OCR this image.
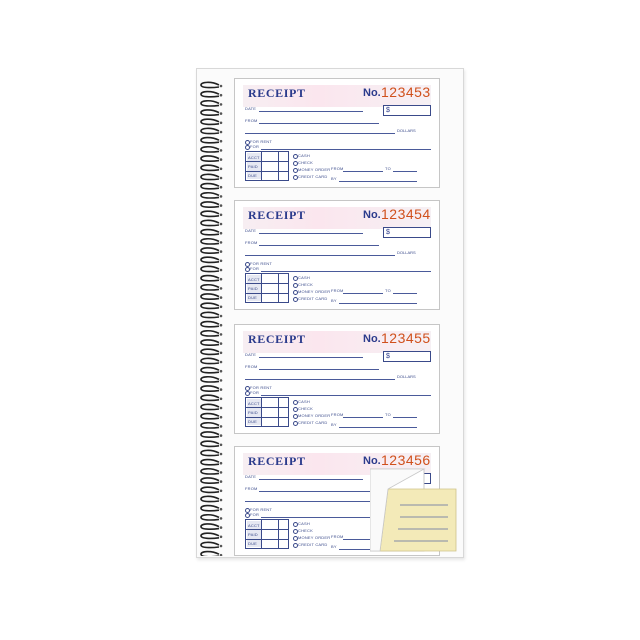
RECEIPT	No. 123453
DATE	$
FROM
DOLLARS
FOR RENT
FOR
ACCT
PAID
DUE
CASH
CHECK
MONEY ORDER
CREDIT CARD
FROM	TO
BY
RECEIPT	No. 123454
DATE	$
FROM
DOLLARS
FOR RENT
FOR
ACCT
PAID
DUE
CASH
CHECK
MONEY ORDER
CREDIT CARD
FROM	TO
BY
RECEIPT	No. 123455
DATE	$
FROM
DOLLARS
FOR RENT
FOR
ACCT
PAID
DUE
CASH
CHECK
MONEY ORDER
CREDIT CARD
FROM	TO
BY
RECEIPT	No. 123456
DATE
FROM
FOR RENT
FOR
ACCT
PAID
DUE
CASH
CHECK
MONEY ORDER
CREDIT CARD
FROM
BY
